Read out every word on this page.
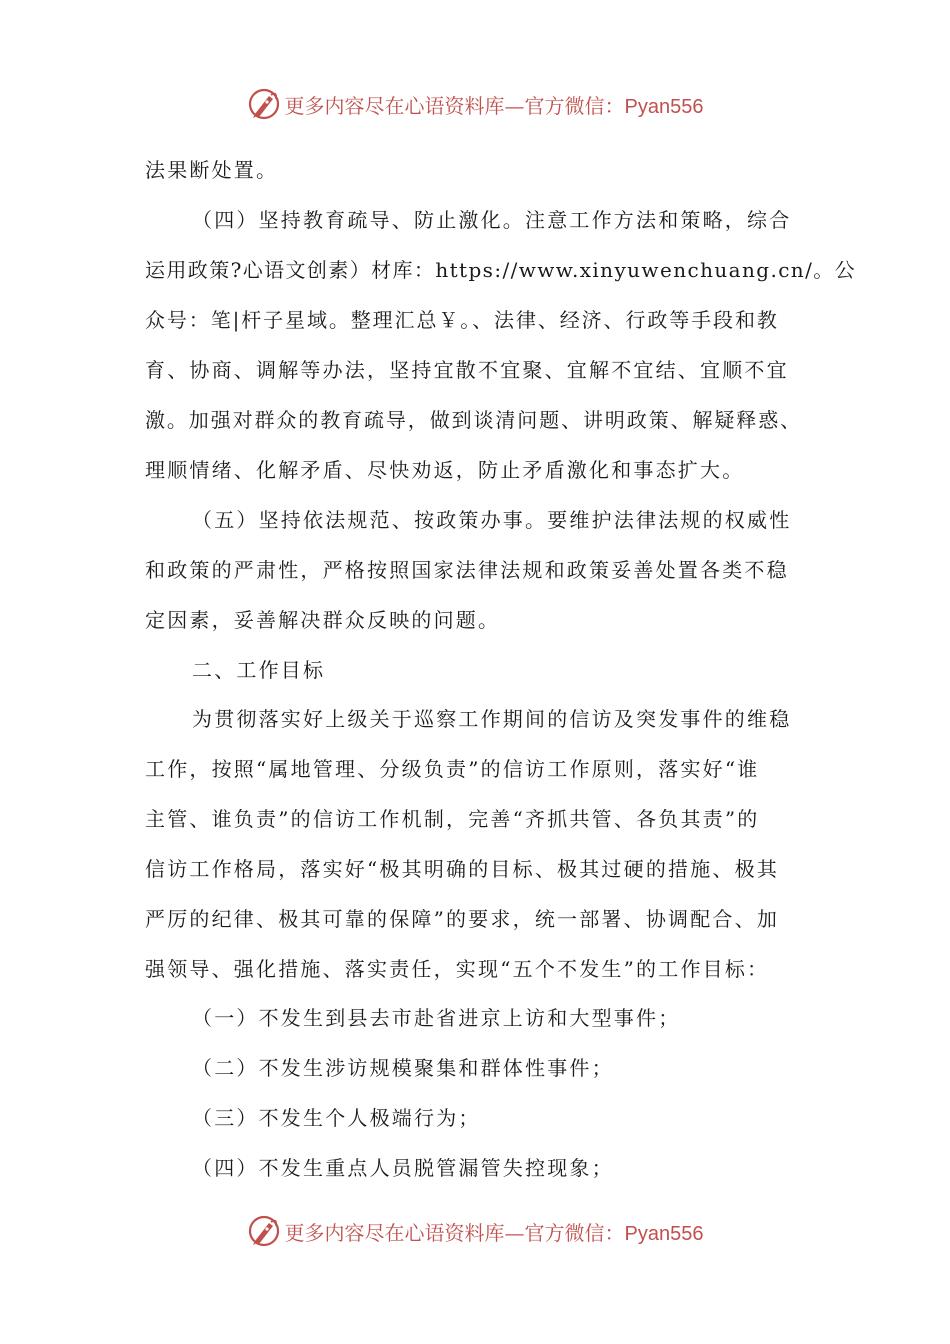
更多内容尽在心语资料库—官方微信：Pyan556
法果断处置。
（四）坚持教育疏导、防止激化。注意工作方法和策略，综合
运用政策?心语文创素）材库：https://www.xinyuwenchuang.cn/。公
众号：笔|杆子星域。整理汇总￥。、法律、经济、行政等手段和教
育、协商、调解等办法，坚持宜散不宜聚、宜解不宜结、宜顺不宜
激。加强对群众的教育疏导，做到谈清问题、讲明政策、解疑释惑、
理顺情绪、化解矛盾、尽快劝返，防止矛盾激化和事态扩大。
（五）坚持依法规范、按政策办事。要维护法律法规的权威性
和政策的严肃性，严格按照国家法律法规和政策妥善处置各类不稳
定因素，妥善解决群众反映的问题。
二、工作目标
为贯彻落实好上级关于巡察工作期间的信访及突发事件的维稳
工作，按照“属地管理、分级负责”的信访工作原则，落实好“谁
主管、谁负责”的信访工作机制，完善“齐抓共管、各负其责”的
信访工作格局，落实好“极其明确的目标、极其过硬的措施、极其
严厉的纪律、极其可靠的保障”的要求，统一部署、协调配合、加
强领导、强化措施、落实责任，实现“五个不发生”的工作目标：
（一）不发生到县去市赴省进京上访和大型事件；
（二）不发生涉访规模聚集和群体性事件；
（三）不发生个人极端行为；
（四）不发生重点人员脱管漏管失控现象；
更多内容尽在心语资料库—官方微信：Pyan556
